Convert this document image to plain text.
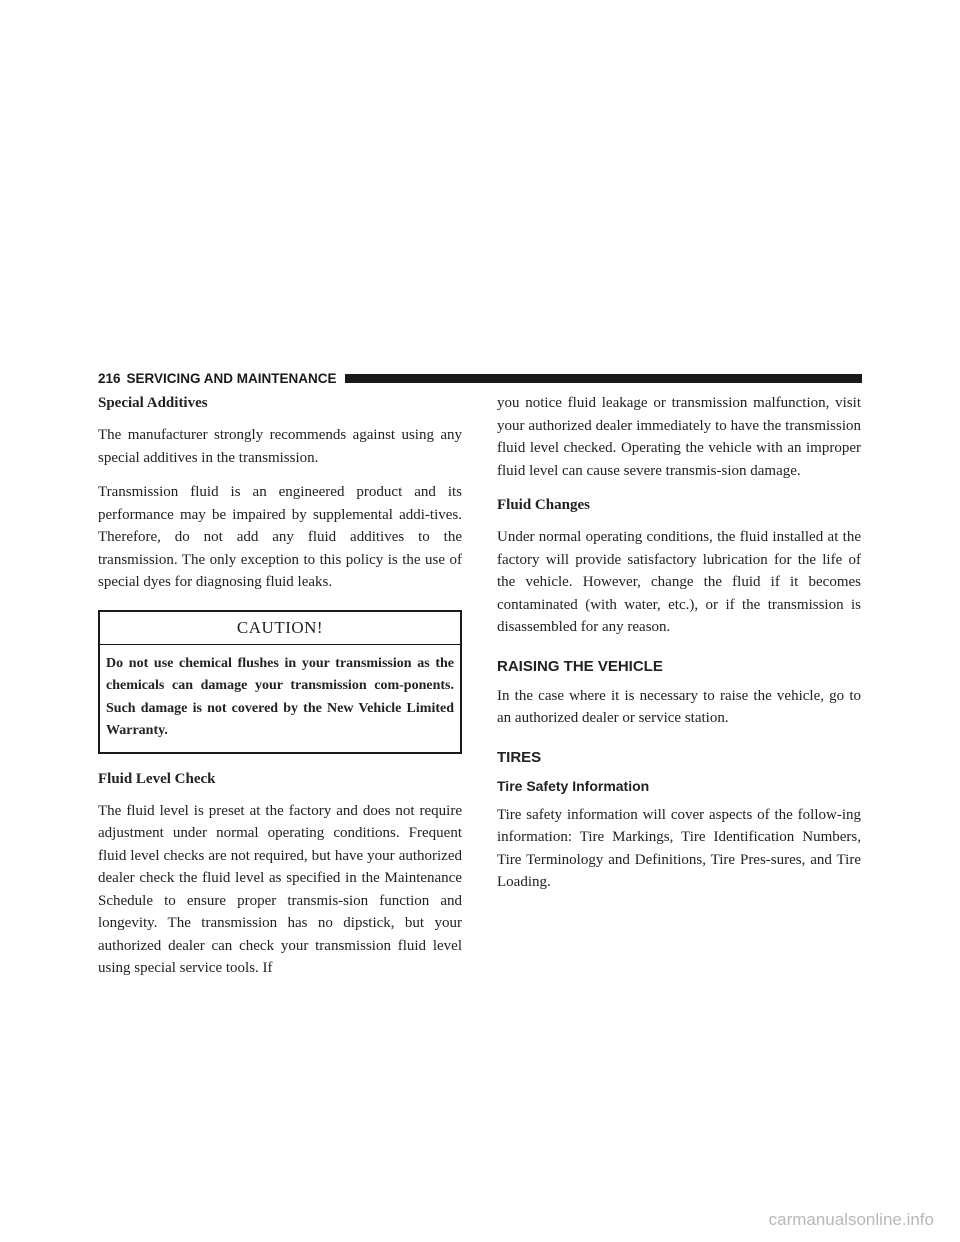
216 SERVICING AND MAINTENANCE
Special Additives

The manufacturer strongly recommends against using any special additives in the transmission.

Transmission fluid is an engineered product and its performance may be impaired by supplemental addi-tives. Therefore, do not add any fluid additives to the transmission. The only exception to this policy is the use of special dyes for diagnosing fluid leaks.

CAUTION!
Do not use chemical flushes in your transmission as the chemicals can damage your transmission com-ponents. Such damage is not covered by the New Vehicle Limited Warranty.
Fluid Level Check

The fluid level is preset at the factory and does not require adjustment under normal operating conditions. Frequent fluid level checks are not required, but have your authorized dealer check the fluid level as specified in the Maintenance Schedule to ensure proper transmis-sion function and longevity. The transmission has no dipstick, but your authorized dealer can check your transmission fluid level using special service tools. If

you notice fluid leakage or transmission malfunction, visit your authorized dealer immediately to have the transmission fluid level checked. Operating the vehicle with an improper fluid level can cause severe transmis-sion damage.

Fluid Changes

Under normal operating conditions, the fluid installed at the factory will provide satisfactory lubrication for the life of the vehicle. However, change the fluid if it becomes contaminated (with water, etc.), or if the transmission is disassembled for any reason.

RAISING THE VEHICLE

In the case where it is necessary to raise the vehicle, go to an authorized dealer or service station.

TIRES
Tire Safety Information

Tire safety information will cover aspects of the follow-ing information: Tire Markings, Tire Identification Numbers, Tire Terminology and Definitions, Tire Pres-sures, and Tire Loading.

carmanualsonline.info
